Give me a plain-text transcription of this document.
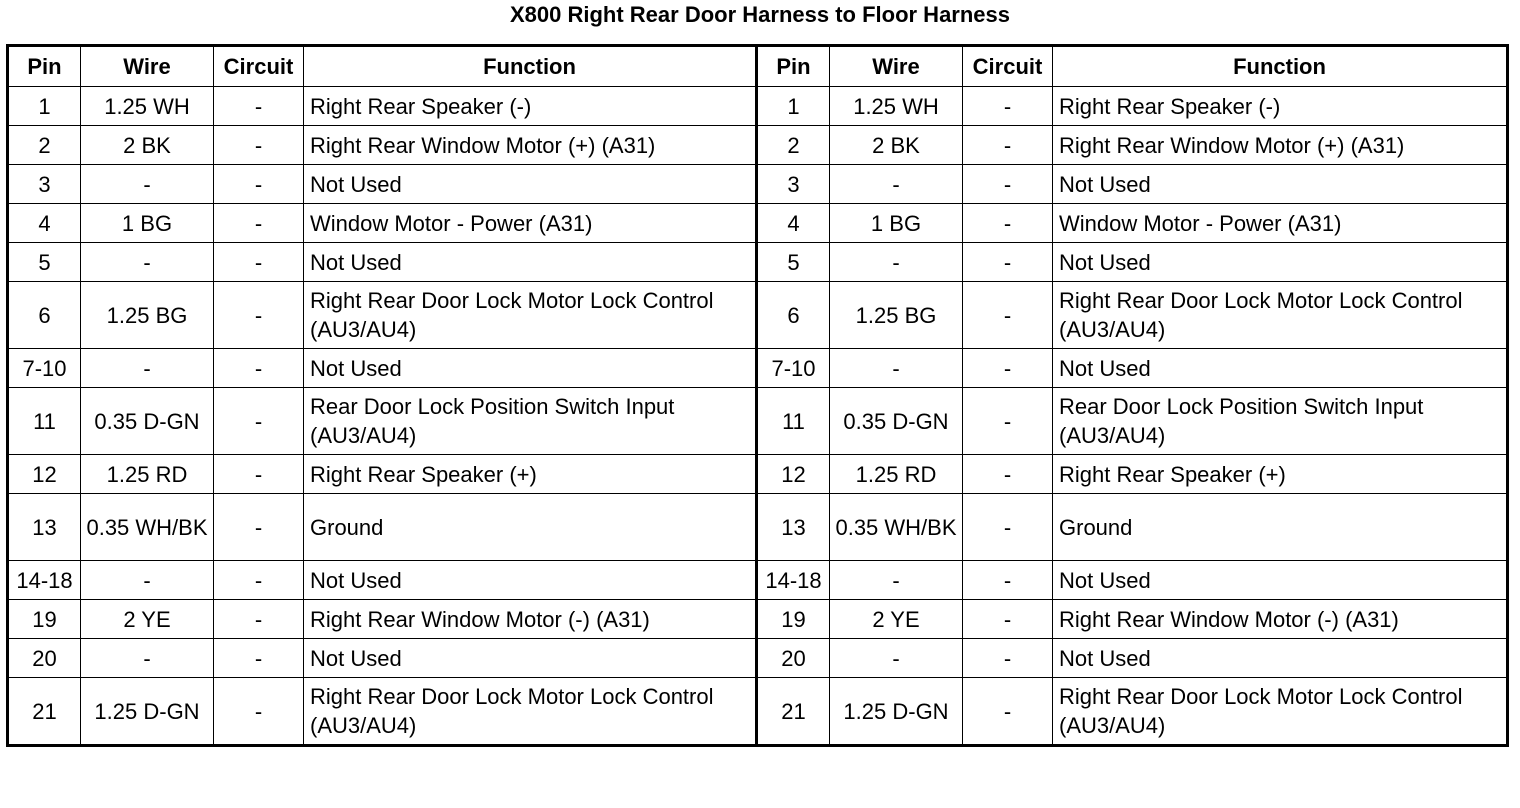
X800 Right Rear Door Harness to Floor Harness
Pin	Wire	Circuit	Function	Pin	Wire	Circuit	Function
1	1.25 WH	-	Right Rear Speaker (-)	1	1.25 WH	-	Right Rear Speaker (-)
2	2 BK	-	Right Rear Window Motor (+) (A31)	2	2 BK	-	Right Rear Window Motor (+) (A31)
3	-	-	Not Used	3	-	-	Not Used
4	1 BG	-	Window Motor - Power (A31)	4	1 BG	-	Window Motor - Power (A31)
5	-	-	Not Used	5	-	-	Not Used
6	1.25 BG	-	Right Rear Door Lock Motor Lock Control (AU3/AU4)	6	1.25 BG	-	Right Rear Door Lock Motor Lock Control (AU3/AU4)
7-10	-	-	Not Used	7-10	-	-	Not Used
11	0.35 D-GN	-	Rear Door Lock Position Switch Input (AU3/AU4)	11	0.35 D-GN	-	Rear Door Lock Position Switch Input (AU3/AU4)
12	1.25 RD	-	Right Rear Speaker (+)	12	1.25 RD	-	Right Rear Speaker (+)
13	0.35 WH/BK	-	Ground	13	0.35 WH/BK	-	Ground
14-18	-	-	Not Used	14-18	-	-	Not Used
19	2 YE	-	Right Rear Window Motor (-) (A31)	19	2 YE	-	Right Rear Window Motor (-) (A31)
20	-	-	Not Used	20	-	-	Not Used
21	1.25 D-GN	-	Right Rear Door Lock Motor Lock Control (AU3/AU4)	21	1.25 D-GN	-	Right Rear Door Lock Motor Lock Control (AU3/AU4)
